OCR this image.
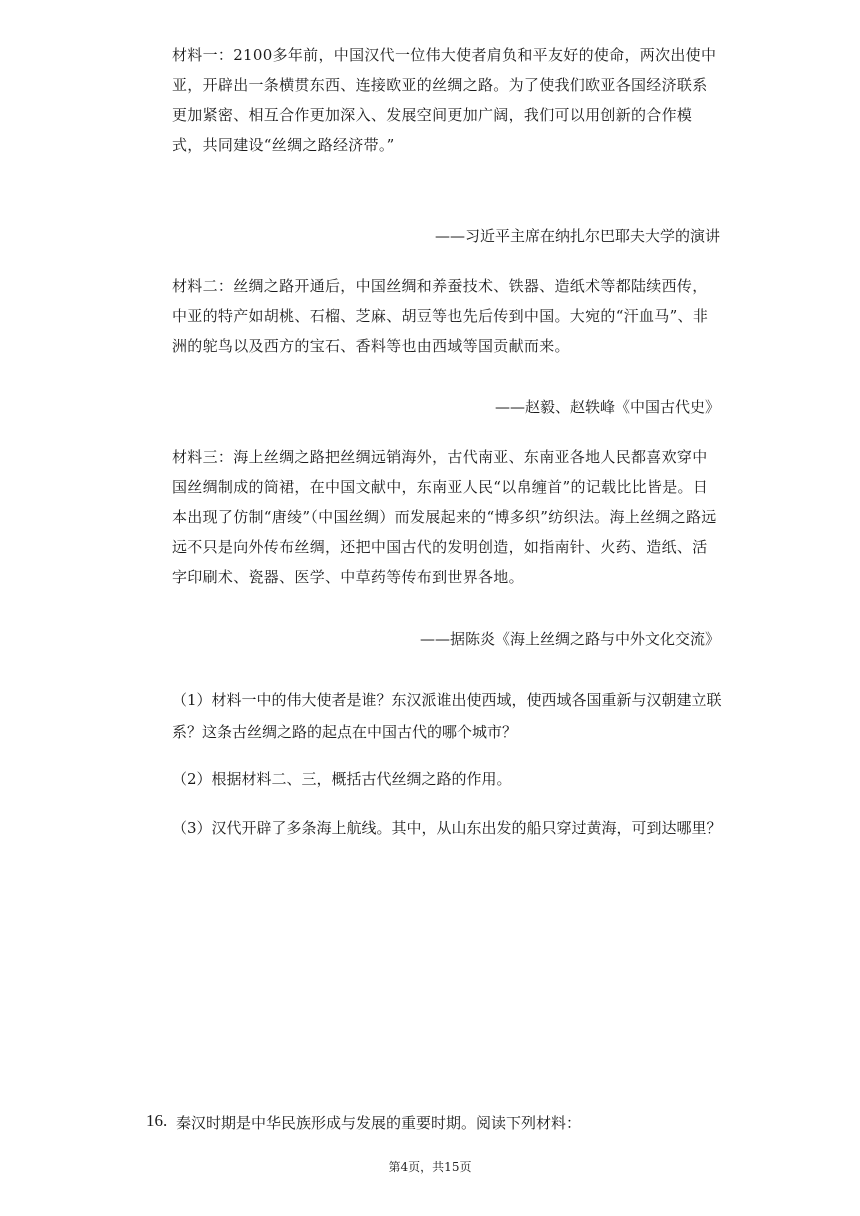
材料一：2100多年前，中国汉代一位伟大使者肩负和平友好的使命，两次出使中亚，开辟出一条横贯东西、连接欧亚的丝绸之路。为了使我们欧亚各国经济联系更加紧密、相互合作更加深入、发展空间更加广阔，我们可以用创新的合作模式，共同建设“丝绸之路经济带。”

——习近平主席在纳扎尔巴耶夫大学的演讲

材料二：丝绸之路开通后，中国丝绸和养蚕技术、铁器、造纸术等都陆续西传，中亚的特产如胡桃、石榴、芝麻、胡豆等也先后传到中国。大宛的“汗血马”、非洲的鸵鸟以及西方的宝石、香料等也由西域等国贡献而来。

——赵毅、赵轶峰《中国古代史》

材料三：海上丝绸之路把丝绸远销海外，古代南亚、东南亚各地人民都喜欢穿中国丝绸制成的筒裙，在中国文献中，东南亚人民“以帛缠首”的记载比比皆是。日本出现了仿制“唐绫”（中国丝绸）而发展起来的“博多织”纺织法。海上丝绸之路远远不只是向外传布丝绸，还把中国古代的发明创造，如指南针、火药、造纸、活字印刷术、瓷器、医学、中草药等传布到世界各地。

——据陈炎《海上丝绸之路与中外文化交流》

（1）材料一中的伟大使者是谁？东汉派谁出使西域，使西域各国重新与汉朝建立联系？这条古丝绸之路的起点在中国古代的哪个城市？

（2）根据材料二、三，概括古代丝绸之路的作用。

（3）汉代开辟了多条海上航线。其中，从山东出发的船只穿过黄海，可到达哪里？

16. 秦汉时期是中华民族形成与发展的重要时期。阅读下列材料：
第4页，共15页
